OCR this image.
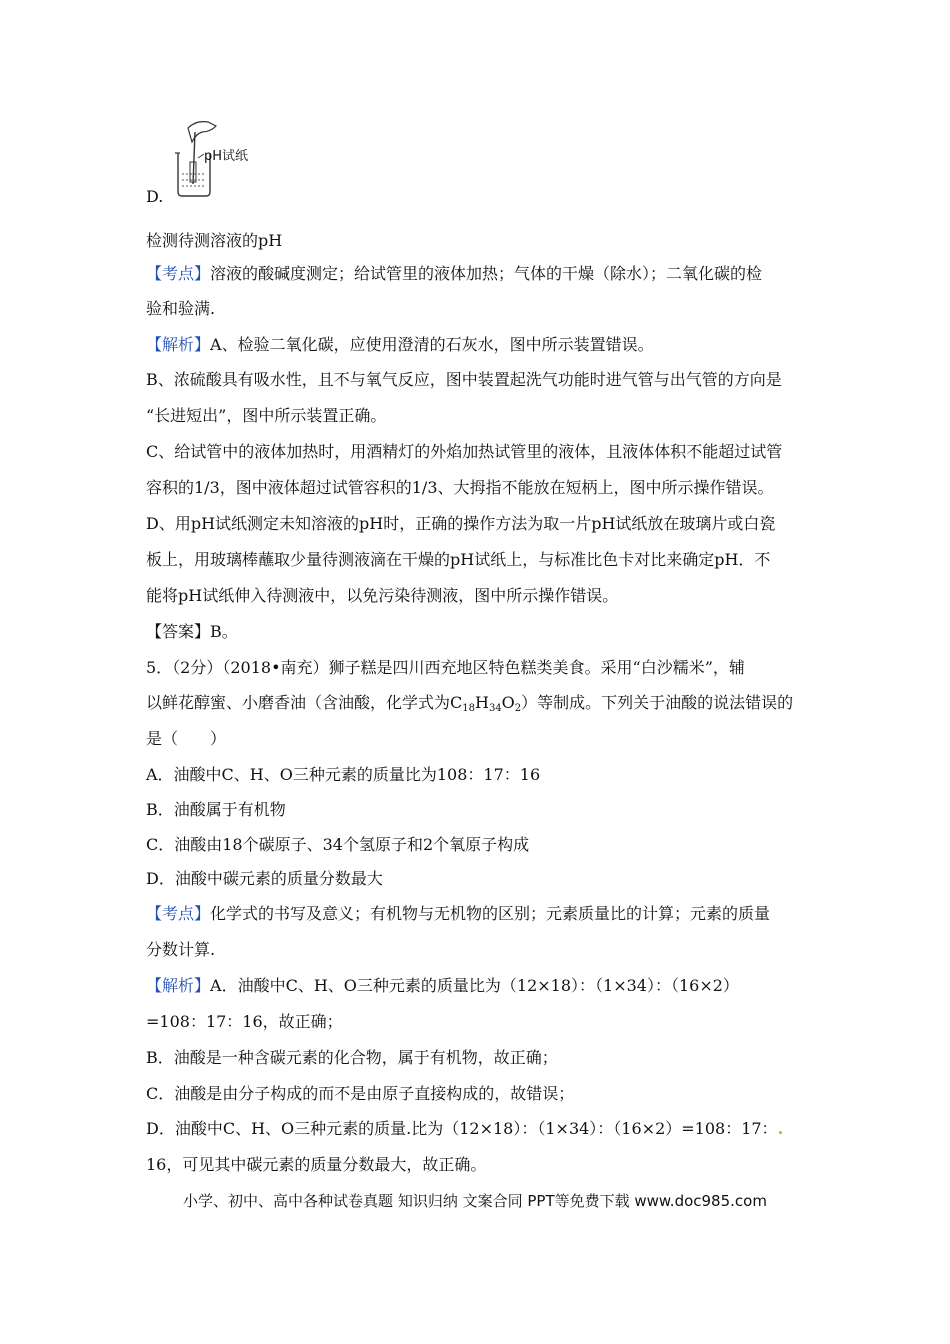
pH试纸
D.
检测待测溶液的pH
【考点】溶液的酸碱度测定；给试管里的液体加热；气体的干燥（除水）；二氧化碳的检
验和验满.
【解析】A、检验二氧化碳，应使用澄清的石灰水，图中所示装置错误。
B、浓硫酸具有吸水性，且不与氧气反应，图中装置起洗气功能时进气管与出气管的方向是
“长进短出”，图中所示装置正确。
C、给试管中的液体加热时，用酒精灯的外焰加热试管里的液体，且液体体积不能超过试管
容积的1/3，图中液体超过试管容积的1/3、大拇指不能放在短柄上，图中所示操作错误。
D、用pH试纸测定未知溶液的pH时，正确的操作方法为取一片pH试纸放在玻璃片或白瓷
板上，用玻璃棒蘸取少量待测液滴在干燥的pH试纸上，与标准比色卡对比来确定pH．不
能将pH试纸伸入待测液中，以免污染待测液，图中所示操作错误。
【答案】B。
5．（2分）（2018•南充）狮子糕是四川西充地区特色糕类美食。采用“白沙糯米”，辅
以鲜花醇蜜、小磨香油（含油酸，化学式为$C_{18}H_{34}O_2$）等制成。下列关于油酸的说法错误的
是（　　）
A．油酸中C、H、O三种元素的质量比为108：17：16
B．油酸属于有机物
C．油酸由18个碳原子、34个氢原子和2个氧原子构成
D．油酸中碳元素的质量分数最大
【考点】化学式的书写及意义；有机物与无机物的区别；元素质量比的计算；元素的质量
分数计算.
【解析】A．油酸中C、H、O三种元素的质量比为（12×18）：（1×34）：（16×2）
=108：17：16，故正确；
B．油酸是一种含碳元素的化合物，属于有机物，故正确；
C．油酸是由分子构成的而不是由原子直接构成的，故错误；
D．油酸中C、H、O三种元素的质量.比为（12×18）：（1×34）：（16×2）=108：17：.
16，可见其中碳元素的质量分数最大，故正确。
小学、初中、高中各种试卷真题 知识归纳 文案合同 PPT等免费下载 www.doc985.com
